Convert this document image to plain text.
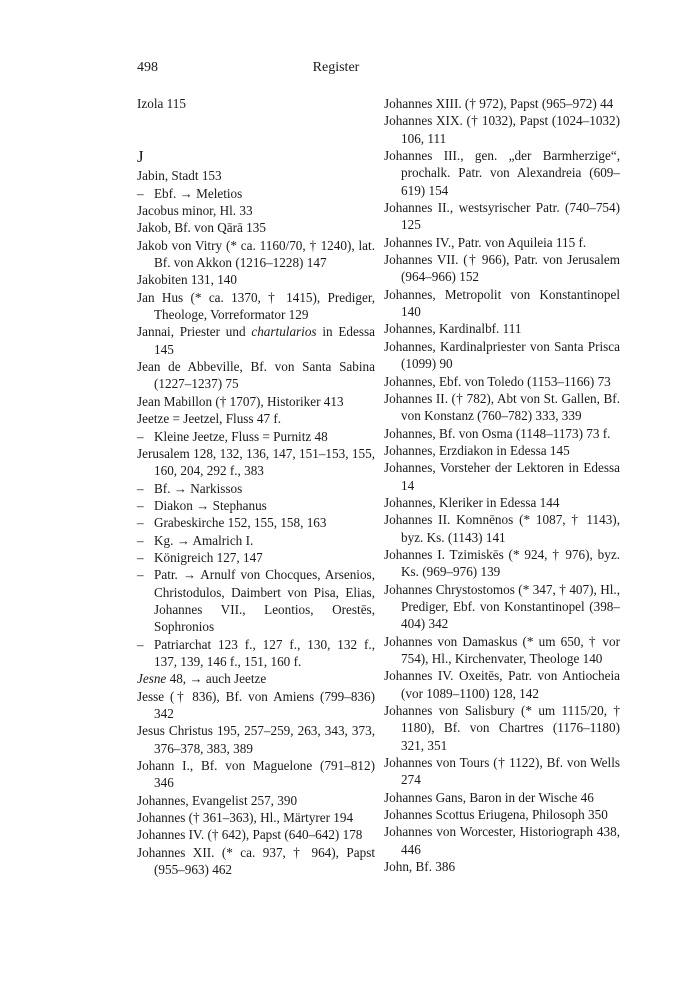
498	Register

Izola 115

J

Jabin, Stadt 153

– Ebf. → Meletios

Jacobus minor, Hl. 33

Jakob, Bf. von Qārā 135

Jakob von Vitry (* ca. 1160/70, † 1240), lat. Bf. von Akkon (1216–1228) 147

Jakobiten 131, 140

Jan Hus (* ca. 1370, † 1415), Prediger, Theologe, Vorreformator 129

Jannai, Priester und chartularios in Edessa 145

Jean de Abbeville, Bf. von Santa Sabina (1227–1237) 75

Jean Mabillon († 1707), Historiker 413

Jeetze = Jeetzel, Fluss 47 f.

– Kleine Jeetze, Fluss = Purnitz 48

Jerusalem 128, 132, 136, 147, 151–153, 155, 160, 204, 292 f., 383

– Bf. → Narkissos

– Diakon → Stephanus

– Grabeskirche 152, 155, 158, 163

– Kg. → Amalrich I.

– Königreich 127, 147

– Patr. → Arnulf von Chocques, Arsenios, Christodulos, Daimbert von Pisa, Elias, Johannes VII., Leontios, Orestēs, Sophronios

– Patriarchat 123 f., 127 f., 130, 132 f., 137, 139, 146 f., 151, 160 f.

Jesne 48, → auch Jeetze

Jesse († 836), Bf. von Amiens (799–836) 342

Jesus Christus 195, 257–259, 263, 343, 373, 376–378, 383, 389

Johann I., Bf. von Maguelone (791–812) 346

Johannes, Evangelist 257, 390

Johannes († 361–363), Hl., Märtyrer 194

Johannes IV. († 642), Papst (640–642) 178

Johannes XII. (* ca. 937, † 964), Papst (955–963) 462

Johannes XIII. († 972), Papst (965–972) 44

Johannes XIX. († 1032), Papst (1024–1032) 106, 111

Johannes III., gen. „der Barmherzige“, prochalk. Patr. von Alexandreia (609–619) 154

Johannes II., westsyrischer Patr. (740–754) 125

Johannes IV., Patr. von Aquileia 115 f.

Johannes VII. († 966), Patr. von Jerusalem (964–966) 152

Johannes, Metropolit von Konstantinopel 140

Johannes, Kardinalbf. 111

Johannes, Kardinalpriester von Santa Prisca (1099) 90

Johannes, Ebf. von Toledo (1153–1166) 73

Johannes II. († 782), Abt von St. Gallen, Bf. von Konstanz (760–782) 333, 339

Johannes, Bf. von Osma (1148–1173) 73 f.

Johannes, Erzdiakon in Edessa 145

Johannes, Vorsteher der Lektoren in Edessa 14

Johannes, Kleriker in Edessa 144

Johannes II. Komnēnos (* 1087, † 1143), byz. Ks. (1143) 141

Johannes I. Tzimiskēs (* 924, † 976), byz. Ks. (969–976) 139

Johannes Chrystostomos (* 347, † 407), Hl., Prediger, Ebf. von Konstantinopel (398–404) 342

Johannes von Damaskus (* um 650, † vor 754), Hl., Kirchenvater, Theologe 140

Johannes IV. Oxeitēs, Patr. von Antiocheia (vor 1089–1100) 128, 142

Johannes von Salisbury (* um 1115/20, † 1180), Bf. von Chartres (1176–1180) 321, 351

Johannes von Tours († 1122), Bf. von Wells 274

Johannes Gans, Baron in der Wische 46

Johannes Scottus Eriugena, Philosoph 350

Johannes von Worcester, Historiograph 438, 446

John, Bf. 386
